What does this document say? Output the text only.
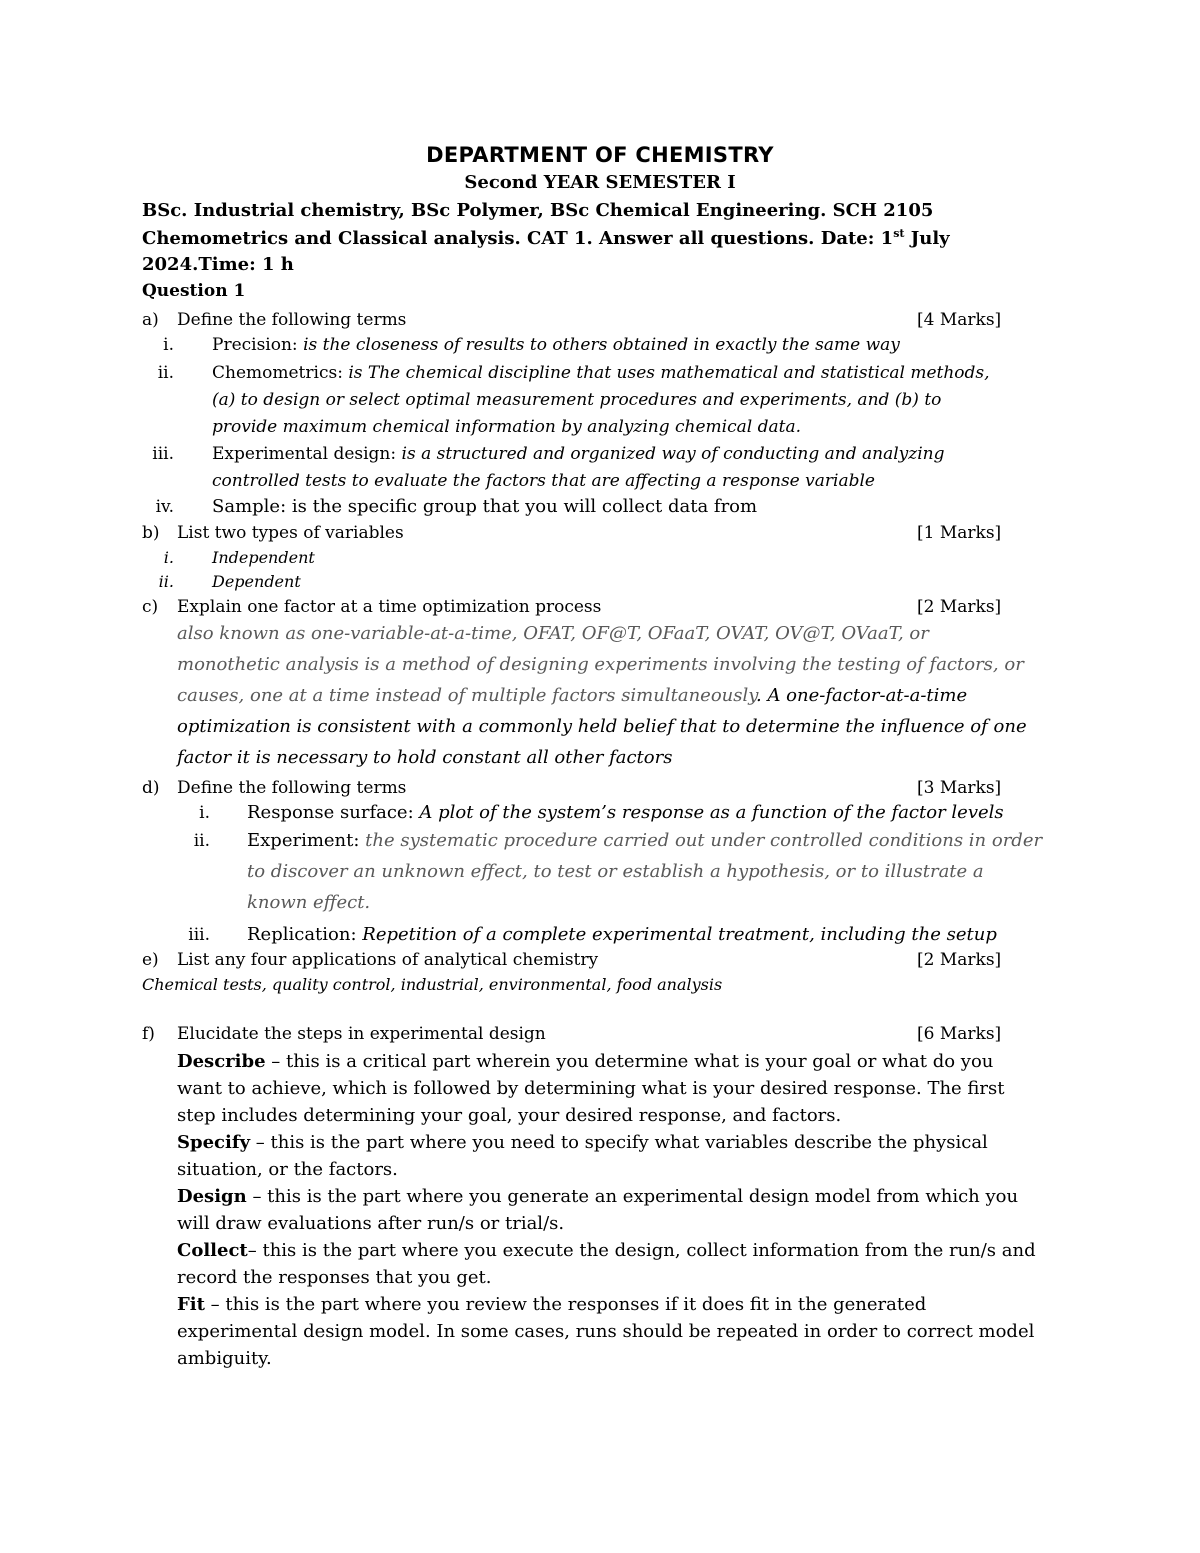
DEPARTMENT OF CHEMISTRY
Second YEAR SEMESTER I
BSc. Industrial chemistry, BSc Polymer, BSc Chemical Engineering. SCH 2105
Chemometrics and Classical analysis. CAT 1. Answer all questions. Date: 1st July
2024.Time: 1 h
Question 1
a) Define the following terms	[4 Marks]
i. Precision: is the closeness of results to others obtained in exactly the same way
ii. Chemometrics: is The chemical discipline that uses mathematical and statistical methods,
(a) to design or select optimal measurement procedures and experiments, and (b) to
provide maximum chemical information by analyzing chemical data.
iii. Experimental design: is a structured and organized way of conducting and analyzing
controlled tests to evaluate the factors that are affecting a response variable
iv. Sample: is the specific group that you will collect data from
b) List two types of variables	[1 Marks]
i. Independent
ii. Dependent
c) Explain one factor at a time optimization process	[2 Marks]
also known as one-variable-at-a-time, OFAT, OF@T, OFaaT, OVAT, OV@T, OVaaT, or
monothetic analysis is a method of designing experiments involving the testing of factors, or
causes, one at a time instead of multiple factors simultaneously. A one-factor-at-a-time
optimization is consistent with a commonly held belief that to determine the influence of one
factor it is necessary to hold constant all other factors
d) Define the following terms	[3 Marks]
i. Response surface: A plot of the system’s response as a function of the factor levels
ii. Experiment: the systematic procedure carried out under controlled conditions in order
to discover an unknown effect, to test or establish a hypothesis, or to illustrate a
known effect.
iii. Replication: Repetition of a complete experimental treatment, including the setup
e) List any four applications of analytical chemistry	[2 Marks]
Chemical tests, quality control, industrial, environmental, food analysis
f) Elucidate the steps in experimental design	[6 Marks]
Describe – this is a critical part wherein you determine what is your goal or what do you
want to achieve, which is followed by determining what is your desired response. The first
step includes determining your goal, your desired response, and factors.
Specify – this is the part where you need to specify what variables describe the physical
situation, or the factors.
Design – this is the part where you generate an experimental design model from which you
will draw evaluations after run/s or trial/s.
Collect– this is the part where you execute the design, collect information from the run/s and
record the responses that you get.
Fit – this is the part where you review the responses if it does fit in the generated
experimental design model. In some cases, runs should be repeated in order to correct model
ambiguity.
